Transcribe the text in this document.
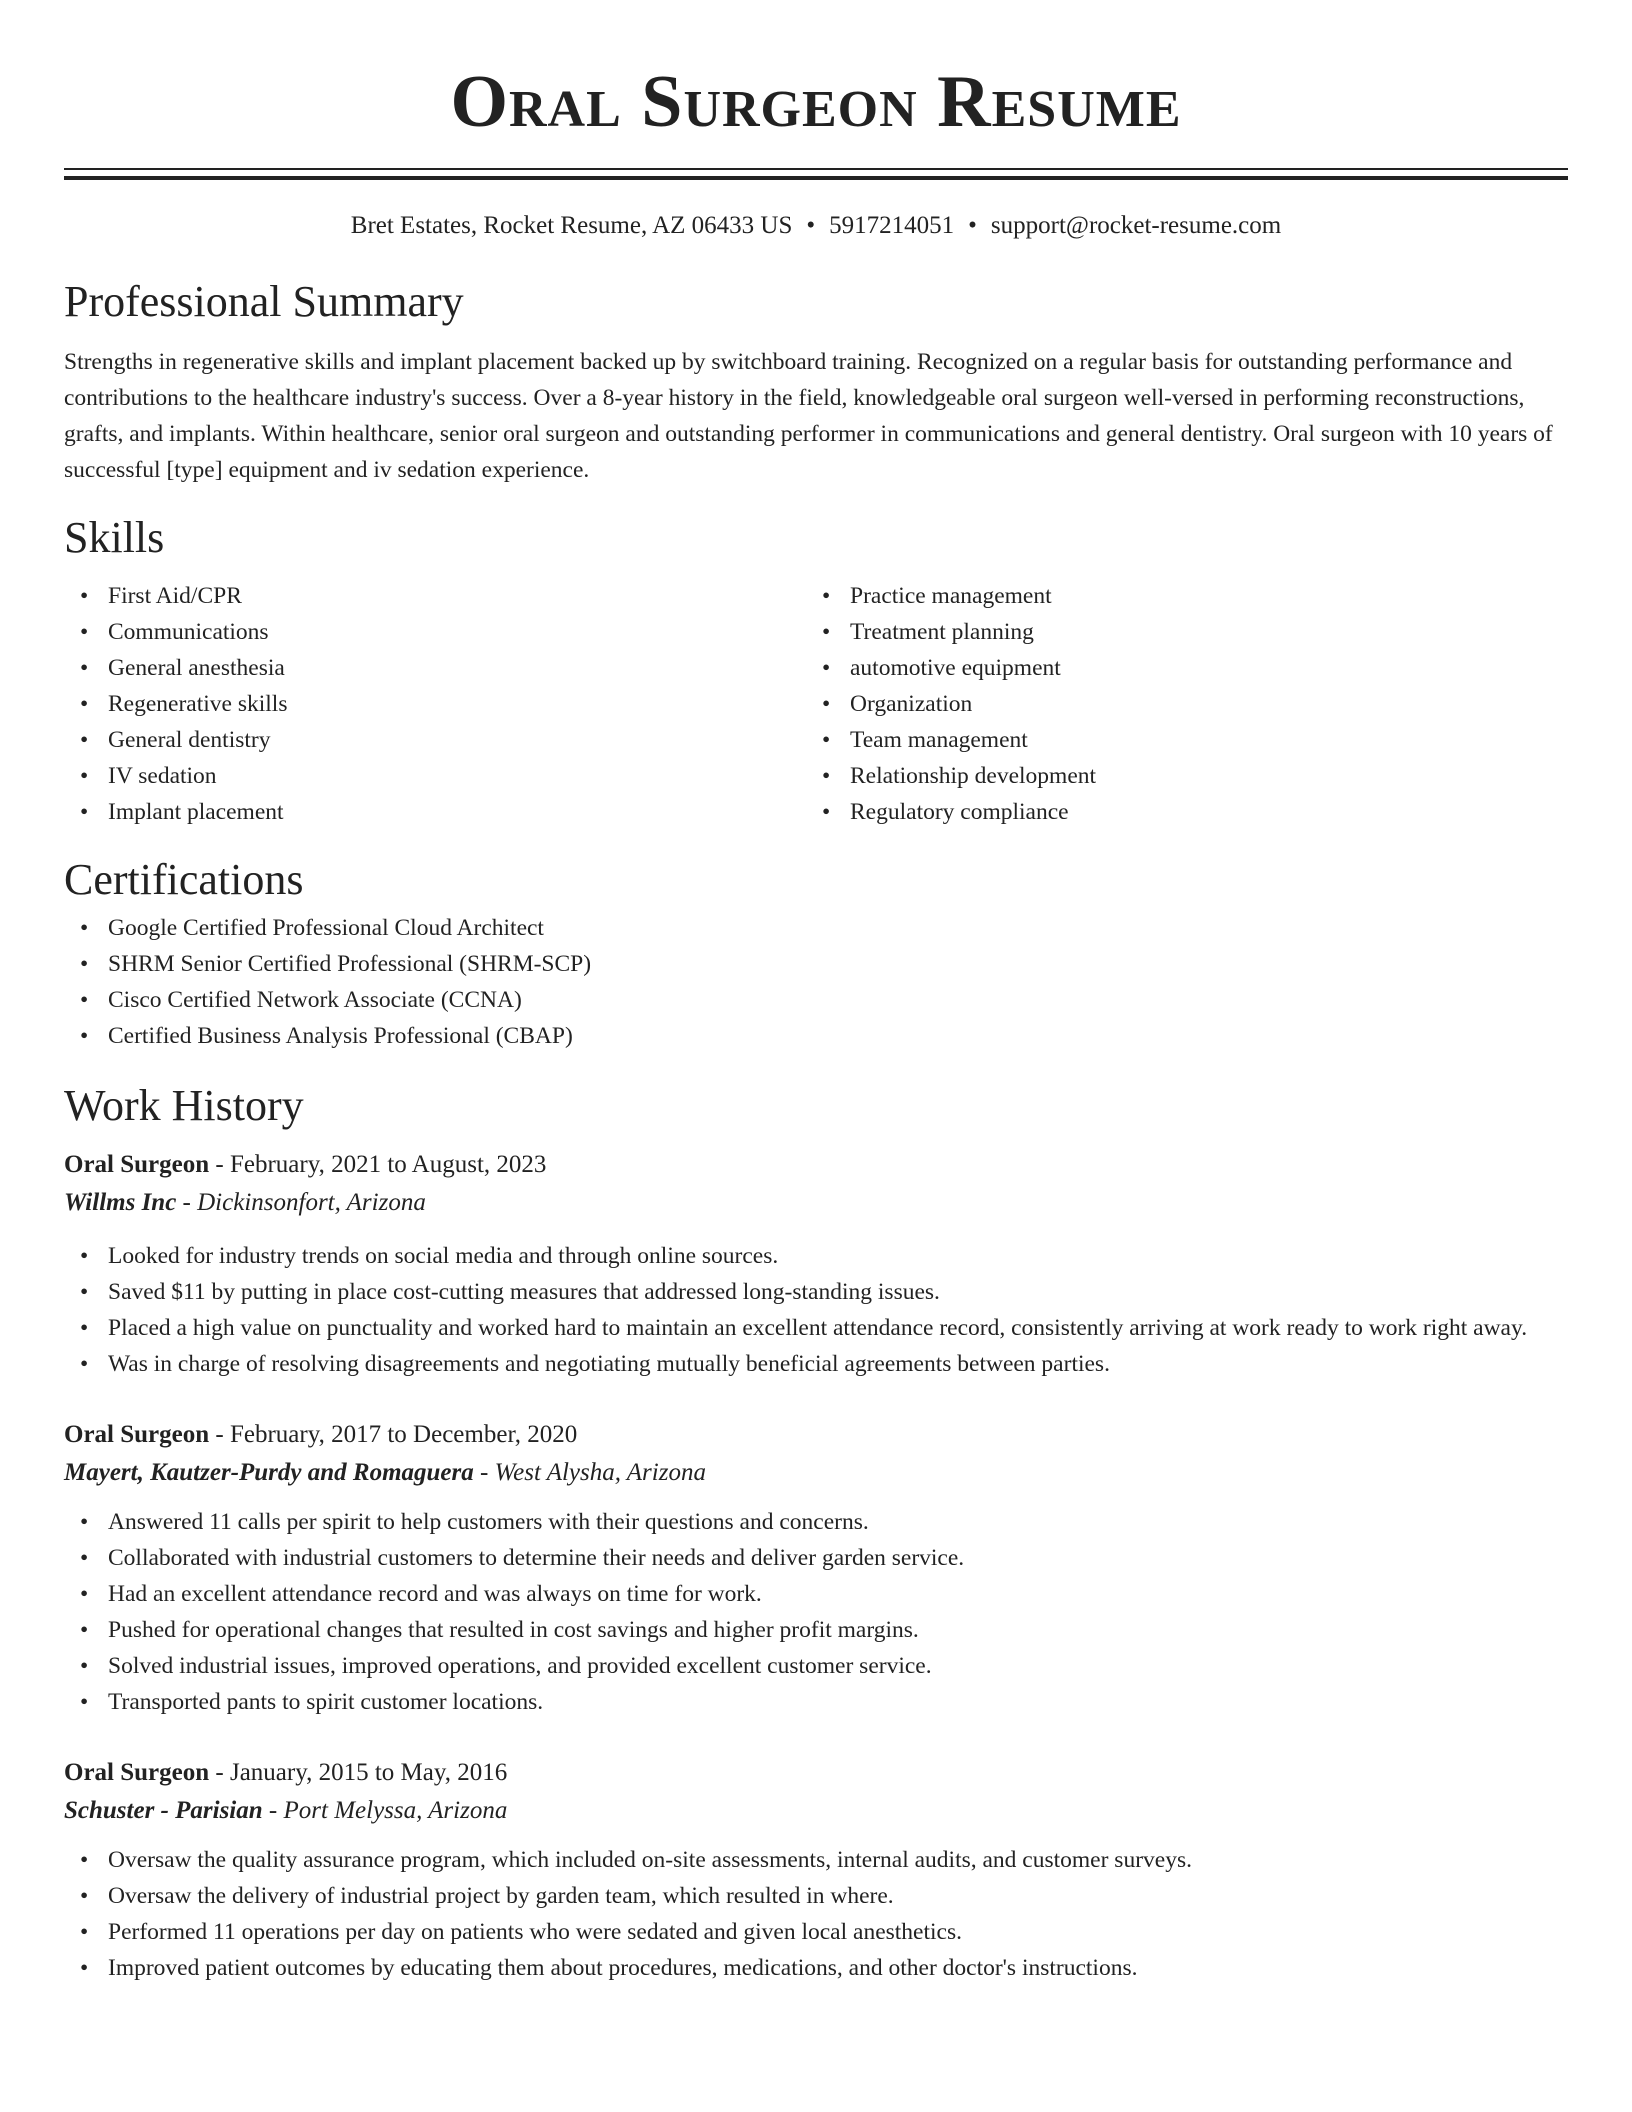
Oral Surgeon Resume
Bret Estates, Rocket Resume, AZ 06433 US • 5917214051 • support@rocket-resume.com
Professional Summary

Strengths in regenerative skills and implant placement backed up by switchboard training. Recognized on a regular basis for outstanding performance and contributions to the healthcare industry's success. Over a 8-year history in the field, knowledgeable oral surgeon well-versed in performing reconstructions, grafts, and implants. Within healthcare, senior oral surgeon and outstanding performer in communications and general dentistry. Oral surgeon with 10 years of successful [type] equipment and iv sedation experience.

Skills
• First Aid/CPR
• Communications
• General anesthesia
• Regenerative skills
• General dentistry
• IV sedation
• Implant placement
• Practice management
• Treatment planning
• automotive equipment
• Organization
• Team management
• Relationship development
• Regulatory compliance
Certifications
• Google Certified Professional Cloud Architect
• SHRM Senior Certified Professional (SHRM-SCP)
• Cisco Certified Network Associate (CCNA)
• Certified Business Analysis Professional (CBAP)
Work History
Oral Surgeon - February, 2021 to August, 2023
Willms Inc - Dickinsonfort, Arizona
• Looked for industry trends on social media and through online sources.
• Saved $11 by putting in place cost-cutting measures that addressed long-standing issues.
• Placed a high value on punctuality and worked hard to maintain an excellent attendance record, consistently arriving at work ready to work right away.
• Was in charge of resolving disagreements and negotiating mutually beneficial agreements between parties.
Oral Surgeon - February, 2017 to December, 2020
Mayert, Kautzer-Purdy and Romaguera - West Alysha, Arizona
• Answered 11 calls per spirit to help customers with their questions and concerns.
• Collaborated with industrial customers to determine their needs and deliver garden service.
• Had an excellent attendance record and was always on time for work.
• Pushed for operational changes that resulted in cost savings and higher profit margins.
• Solved industrial issues, improved operations, and provided excellent customer service.
• Transported pants to spirit customer locations.
Oral Surgeon - January, 2015 to May, 2016
Schuster - Parisian - Port Melyssa, Arizona
• Oversaw the quality assurance program, which included on-site assessments, internal audits, and customer surveys.
• Oversaw the delivery of industrial project by garden team, which resulted in where.
• Performed 11 operations per day on patients who were sedated and given local anesthetics.
• Improved patient outcomes by educating them about procedures, medications, and other doctor's instructions.
